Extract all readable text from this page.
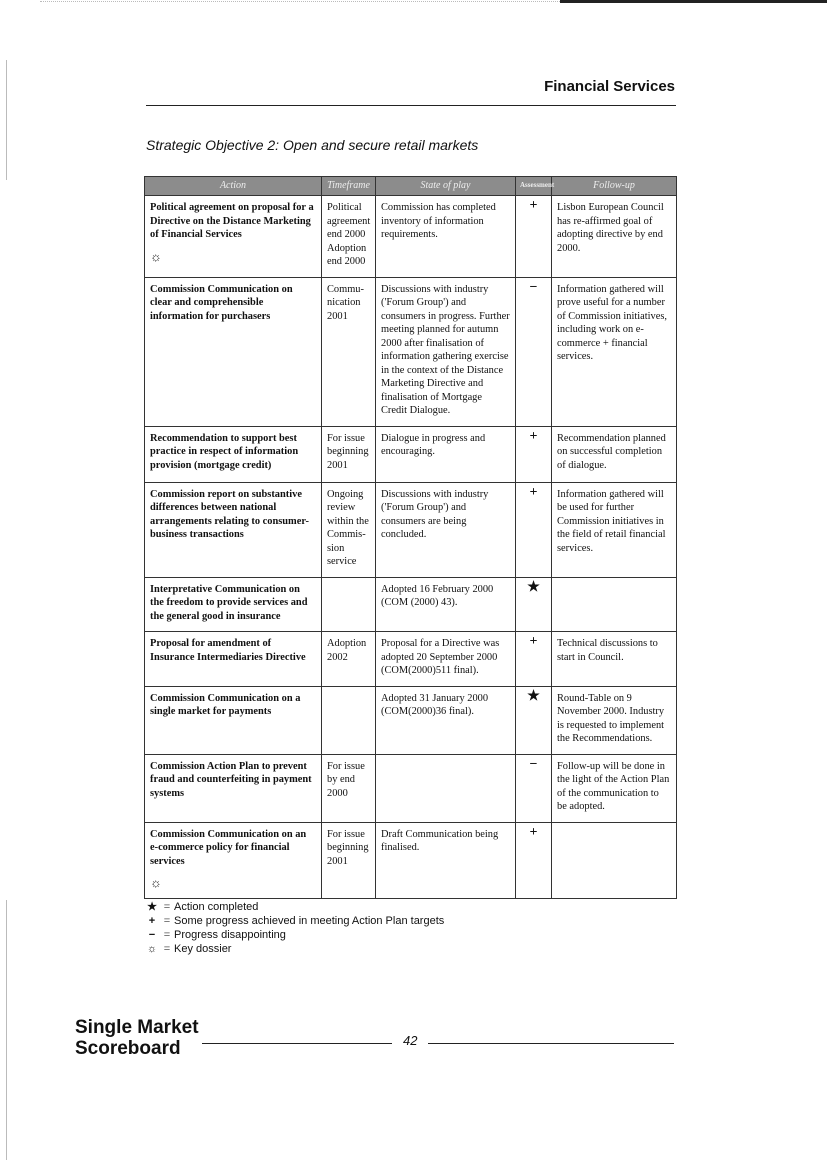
Financial Services
Strategic Objective 2: Open and secure retail markets
Action	Timeframe	State of play	Assessment	Follow-up

Political agreement on proposal for a Directive on the Distance Marketing of Financial Services
☼	Political agreement end 2000 Adoption end 2000	Commission has completed inventory of information requirements.	+	Lisbon European Council has re-affirmed goal of adopting directive by end 2000.

Commission Communication on clear and comprehensible information for purchasers	Commu-nication 2001	Discussions with industry ('Forum Group') and consumers in progress. Further meeting planned for autumn 2000 after finalisation of information gathering exercise in the context of the Distance Marketing Directive and finalisation of Mortgage Credit Dialogue.	−	Information gathered will prove useful for a number of Commission initiatives, including work on e-commerce + financial services.

Recommendation to support best practice in respect of information provision (mortgage credit)	For issue beginning 2001	Dialogue in progress and encouraging.	+	Recommendation planned on successful completion of dialogue.

Commission report on substantive differences between national arrangements relating to consumer-business transactions	Ongoing review within the Commis-sion service	Discussions with industry ('Forum Group') and consumers are being concluded.	+	Information gathered will be used for further Commission initiatives in the field of retail financial services.

Interpretative Communication on the freedom to provide services and the general good in insurance		Adopted 16 February 2000 (COM (2000) 43).	★	

Proposal for amendment of Insurance Intermediaries Directive	Adoption 2002	Proposal for a Directive was adopted 20 September 2000 (COM(2000)511 final).	+	Technical discussions to start in Council.

Commission Communication on a single market for payments		Adopted 31 January 2000 (COM(2000)36 final).	★	Round-Table on 9 November 2000. Industry is requested to implement the Recommendations.

Commission Action Plan to prevent fraud and counterfeiting in payment systems	For issue by end 2000		−	Follow-up will be done in the light of the Action Plan of the communication to be adopted.

Commission Communication on an e-commerce policy for financial services
☼	For issue beginning 2001	Draft Communication being finalised.	+	
★ = Action completed
+ = Some progress achieved in meeting Action Plan targets
− = Progress disappointing
☼ = Key dossier
Single Market
Scoreboard	42
